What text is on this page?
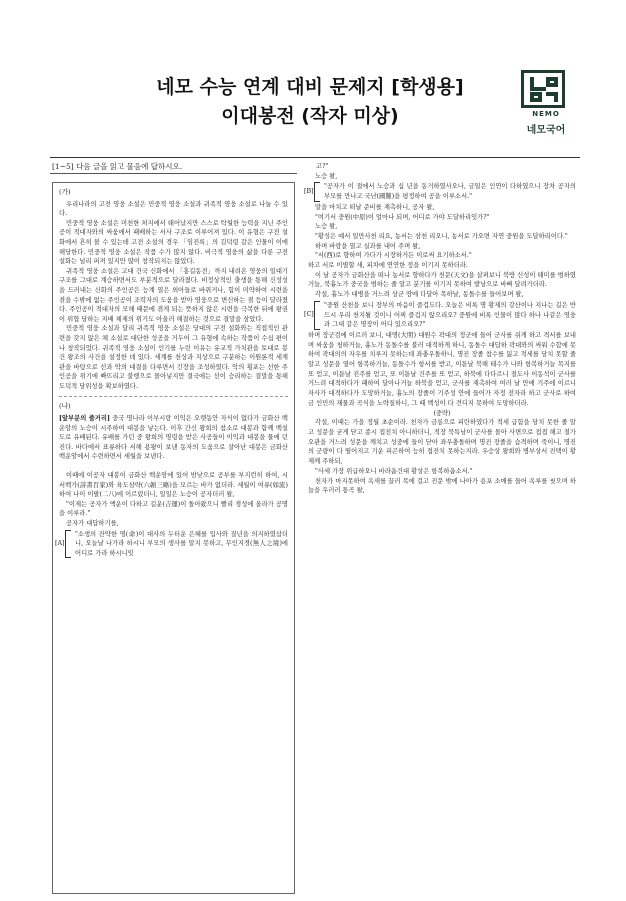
네모 수능 연계 대비 문제지 [학생용]
이대봉전 (작자 미상)	NEMO
네모국어
[1~5] 다음 글을 읽고 물음에 답하시오.

(가)

우리나라의 고전 영웅 소설은 민중적 영웅 소설과 귀족적 영웅 소설로 나눌 수 있다.

민중적 영웅 소설은 미천한 처지에서 태어났지만 스스로 탁월한 능력을 지닌 주인공이 적대자와의 싸움에서 패배하는 서사 구조로 이루어져 있다. 이 유형은 구전 설화에서 흔히 볼 수 있는데 고전 소설의 경우 「임진록」의 김덕령 같은 인물이 이에 해당한다. 민중적 영웅 소설은 작품 수가 많지 않다. 비극적 영웅의 삶을 다룬 구전 설화는 널리 퍼져 있지만 많이 창작되지는 않았다.

귀족적 영웅 소설은 고대 건국 신화에서 「홍길동전」까지 내려온 영웅의 일대기 구조를 그대로 계승하면서도 부분적으로 달라졌다. 비정상적인 출생을 통해 신성성을 드러내는 신화의 주인공은 능계 열은 외아들로 바뀌거나, 힘이 미약하여 시련을 겪을 수밖에 없는 주인공이 조력자의 도움을 받아 영웅으로 변신하는 점 등이 달라졌다. 주인공이 적대자의 모해 때문에 겪게 되는 뜻하지 않은 시련을 극복한 뒤에 왕권이 위협 당하는 지배 체제의 위기도 아울러 해결하는 것으로 결말을 삼았다.

민중적 영웅 소설과 달리 귀족적 영웅 소설은 당대의 구전 설화와는 직접적인 관련을 갖지 않은 채 소설로 대단한 성공을 거두어 그 유형에 속하는 작품이 수십 편이나 창작되었다. 귀족적 영웅 소설이 인기를 누린 이유는 유교적 가치관을 토대로 봉건 왕조의 사건을 설정한 데 있다. 세계를 천상과 지상으로 구분하는 이원론적 세계관을 바탕으로 선과 악의 대결을 다루면서 긴장을 조성하였다. 악의 횡포는 선한 주인공을 위기에 빠뜨리고 불행으로 몰아넣지만 결국에는 선이 승리하는 결말을 통해 도덕적 당위성을 확보하였다.

(나)

[앞부분의 줄거리] 중국 명나라 이부시랑 이익은 오랫동안 자식이 없다가 금화산 백운암의 노승이 시주하여 대봉을 낳는다. 이후 간신 왕희의 참소로 대봉과 함께 백설도로 유배된다. 유배를 가던 중 왕희의 명령을 받은 사공들이 이익과 대봉을 물에 던진다. 바다에서 표류하다 서해 용왕이 보낸 동자의 도움으로 살아난 대봉은 금화산 백운암에서 수련하면서 세월을 보낸다.

이때에 이공자 대봉이 금화산 백운암에 있어 밤낮으로 공부를 부지런히 하여, 시서백가(詩書百家)와 육도삼략(六韜三略)을 모르는 바가 없더라. 세월이 여류(如流)하여 나이 이팔(二八)에 이르렀더니, 일일은 노승이 공자더러 왈,

"이제는 공자가 액운이 다하고 길운(吉運)이 돌아왔으니 빨리 경성에 올라가 공명을 이루라."

공자가 대답하기를,

[A]

"소생의 잔약한 명(命)이 대사의 두터운 은혜를 입사와 질년을 의지하였삽더니, 오늘날 나가라 하시니 부모의 생사를 알지 못하고, 무인지경(無人之境)에 어디로 가라 하시니잇

고?"

노승 왈,

[B]

"공자가 이 절에서 노승과 십 년을 동거하였사오나, 금일은 인연이 다하였으니 장차 공자의 부모를 만나고 국난(國難)을 평정하여 공을 이루소서."

말을 마치고 떠날 준비를 재촉하니, 공자 왈,

"여기서 중원(中原)이 얼마나 되며, 어디로 가야 도달하리잇가?"

노승 왈,

"황성은 예서 일만사천 리요, 농서는 삼천 리오니, 농서로 가오면 자연 중원을 도달하리이다."

하며 바랑을 열고 실과를 내어 주며 왈,

"서(西)로 향하여 가다가 시장하거든 이로써 요기하소서."

하고 서로 이별할 새, 피차에 연연한 정을 이기지 못하더라.

이 날 공자가 금화산을 떠나 농서로 향하다가 천문(天文)을 살펴보니 북방 신성이 태미를 범하였거늘, 북흉노가 중국을 범하는 줄 알고 분기를 이기지 못하여 발낭으로 바삐 달려가더라.

각설, 흉노가 대병을 거느려 상군 땅에 다달아 목하날, 동돌수를 들어보며 왈,

[C]

"중원 산천을 보니 장부의 마음이 즐겁도다. 오늘은 비록 명 황제의 강산이나 지나는 길은 반드시 우리 천지될 것이니 어찌 즐겁지 않으리오? 중원에 비록 인물이 많다 하나 나같은 영웅과 그대 같은 명장이 어디 있으리오?"

하며 장군검에 이르러 보니, 대명(大明) 대원수 곽대의 정군에 들어 군사를 쉬게 하고 격서를 보내며 싸움을 청하거늘, 흉노가 동돌수를 불러 대적하게 하니, 동돌수 대답하 곽대와의 싸워 수합에 못하여 곽대의의 자우를 치루지 못하는데 좌충우돌하니, 명진 장졸 참수를 잃고 적세를 당치 못할 줄 알고 성문을 열어 항복하거늘, 동돌수가 항서를 받고, 이튿날 북해 태수가 나와 항복하거늘 목지를 또 얻고, 이튿날 진주를 얻고, 또 이튿날 건주를 또 얻고, 하북에 다다르니 절도사 이동석이 군사를 거느려 대적하다가 패하여 달아나거늘 하북을 얻고, 군사를 재촉하여 여러 날 만에 기주에 이르니 자사가 대적하다가 도망하거늘, 흉노의 장졸이 기주성 안에 들어가 자정 전자라 하고 군사로 하여금 인민의 재물과 곡식을 노략질하니, 그 때 백성이 다 견디지 못하여 도망하더라.

(중략)

각설, 이때는 가을 정월 초순이라. 천자가 금릉으로 피란하였다가 적세 급함을 당치 못한 줄 알고 성문을 굳게 닫고 종시 접전치 아니하더니, 적장 묵특남이 군사를 몰아 사면으로 접접 해고 절가 오관을 거느려 성문을 깨치고 성중에 들이 닫아 좌우충돌하며 명진 장졸을 습격하며 죽이니, 명진의 군량이 다 떨어지고 기운 피곤하여 능히 접전치 못하는지라. 우승상 왕희와 병부상서 진택이 황제께 주하되,

"사세 가장 위급하오니 바라옵건대 황상은 항복하옵소서."

천자가 마지못하여 옥새를 끌러 목에 걸고 진문 밖에 나아가 용포 소매를 들어 옥루를 씻으며 하늘을 우러러 통곡 왈,
